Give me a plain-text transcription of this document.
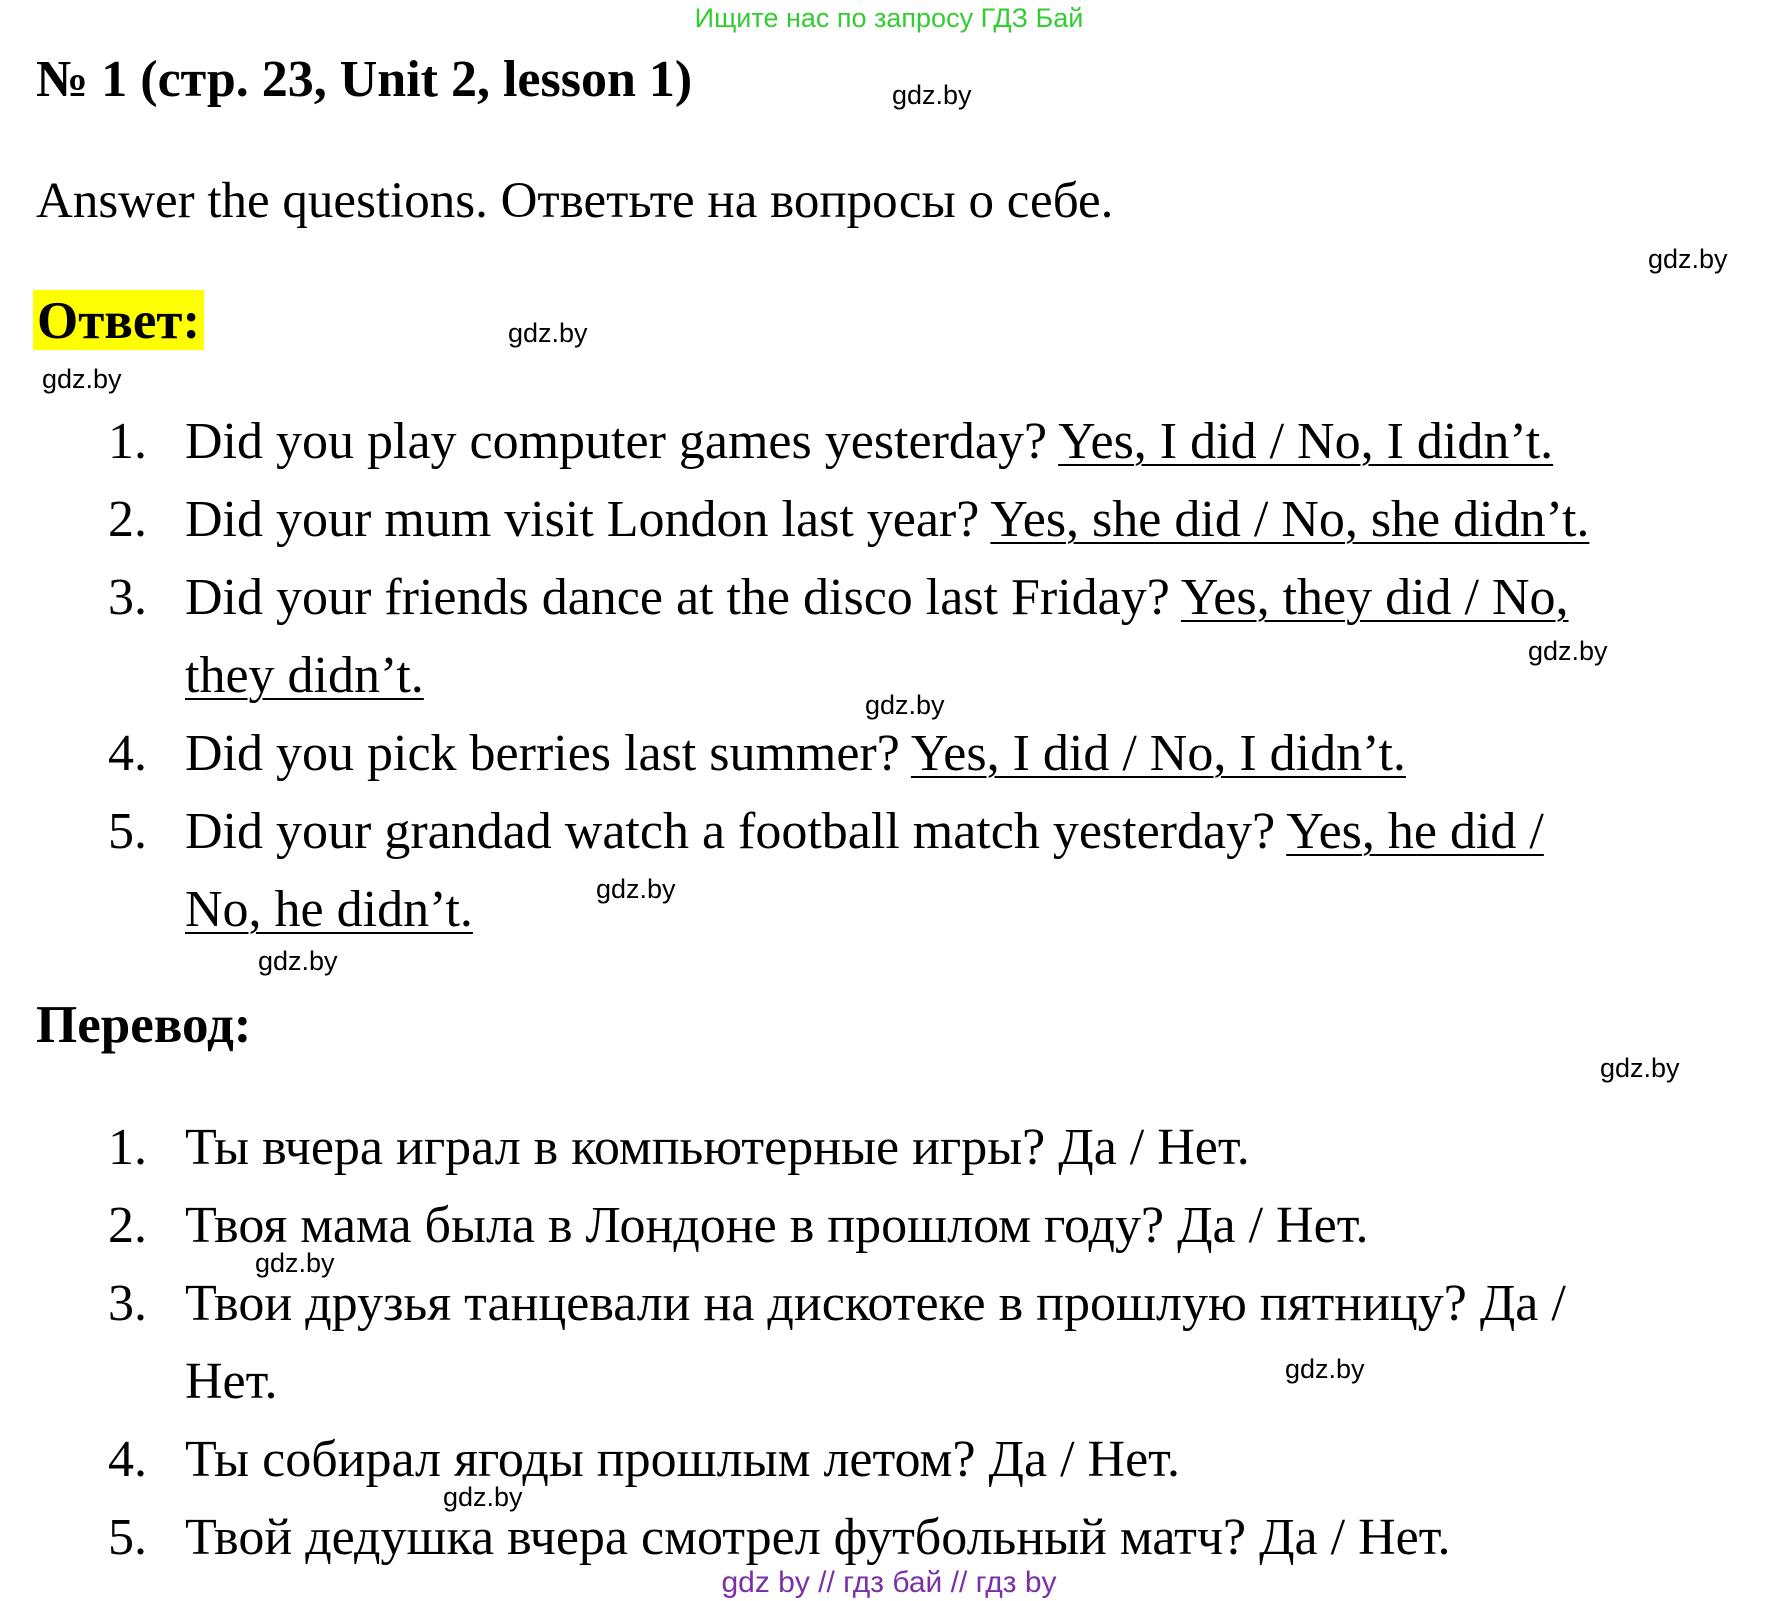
Ищите нас по запросу ГДЗ Бай
№ 1 (стр. 23, Unit 2, lesson 1)
Answer the questions. Ответьте на вопросы о себе.
Ответ:
1. Did you play computer games yesterday? Yes, I did / No, I didn’t.
2. Did your mum visit London last year? Yes, she did / No, she didn’t.
3. Did your friends dance at the disco last Friday? Yes, they did / No,
they didn’t.
4. Did you pick berries last summer? Yes, I did / No, I didn’t.
5. Did your grandad watch a football match yesterday? Yes, he did /
No, he didn’t.
Перевод:
1. Ты вчера играл в компьютерные игры? Да / Нет.
2. Твоя мама была в Лондоне в прошлом году? Да / Нет.
3. Твои друзья танцевали на дискотеке в прошлую пятницу? Да /
Нет.
4. Ты собирал ягоды прошлым летом? Да / Нет.
5. Твой дедушка вчера смотрел футбольный матч? Да / Нет.
gdz.by
gdz.by
gdz.by
gdz.by
gdz.by
gdz.by
gdz.by
gdz.by
gdz.by
gdz.by
gdz.by
gdz.by
gdz by // гдз бай // гдз by
